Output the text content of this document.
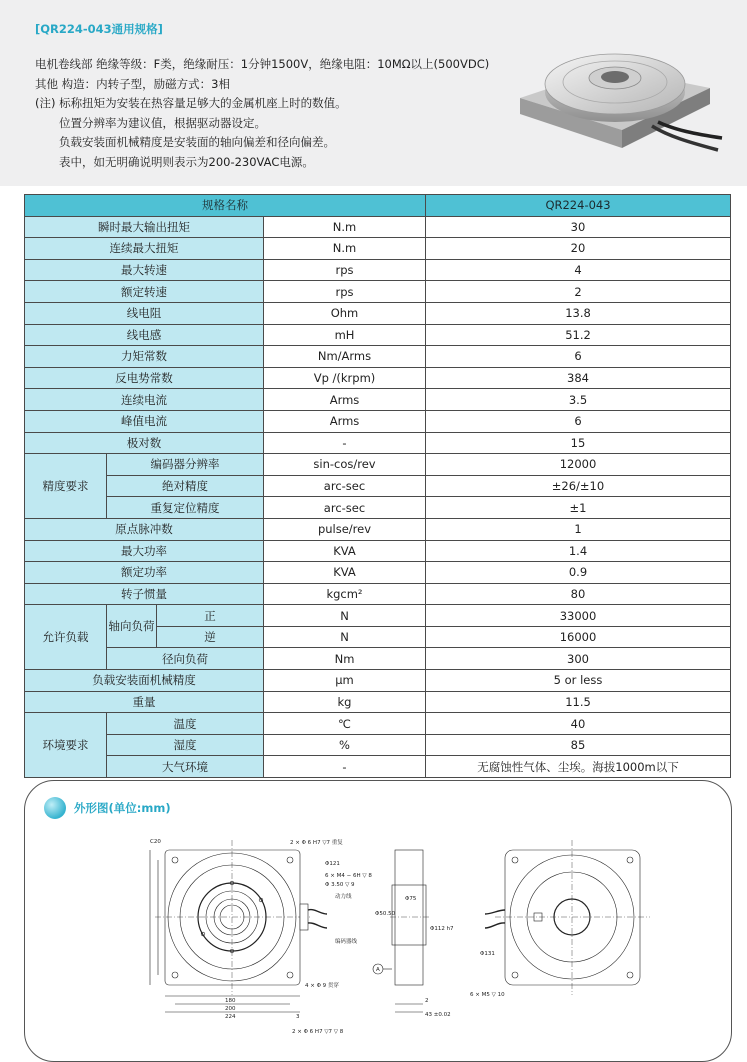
[QR224-043通用规格]
电机卷线部 绝缘等级：F类，绝缘耐压：1分钟1500V，绝缘电阻：10MΩ以上(500VDC)
其他 构造：内转子型，励磁方式：3相
(注) 标称扭矩为安装在热容量足够大的金属机座上时的数值。
位置分辨率为建议值，根据驱动器设定。
负载安装面机械精度是安装面的轴向偏差和径向偏差。
表中，如无明确说明则表示为200-230VAC电源。
规格名称				QR224-043
瞬时最大输出扭矩			N.m	30
连续最大扭矩			N.m	20
最大转速			rps	4
额定转速			rps	2
线电阻			Ohm	13.8
线电感			mH	51.2
力矩常数			Nm/Arms	6
反电势常数			Vp /(krpm)	384
连续电流			Arms	3.5
峰值电流			Arms	6
极对数			-	15
精度要求	编码器分辨率		sin-cos/rev	12000
	绝对精度		arc-sec	±26/±10
	重复定位精度		arc-sec	±1
原点脉冲数			pulse/rev	1
最大功率			KVA	1.4
额定功率			KVA	0.9
转子惯量			kgcm²	80
允许负载	轴向负荷	正	N	33000
		逆	N	16000
	径向负荷		Nm	300
负载安装面机械精度			μm	5 or less
重量			kg	11.5
环境要求	温度		℃	40
	湿度		%	85
	大气环境		-	无腐蚀性气体、尘埃。海拔1000m以下
外形图(单位:mm)
C20	2 × Φ 6 H7 ▽7 重复
Φ121
6 × M4 − 6H ▽ 8
Φ 3.50 ▽ 9
动力线
编码器线
4 × Φ 9 贯穿
180
200
224	3
2 × Φ 6 H7 ▽7 ▽ 8
A
Φ50.50
Φ75
Φ112 h7
2
43 ±0.02
Φ131
6 × M5 ▽ 10
